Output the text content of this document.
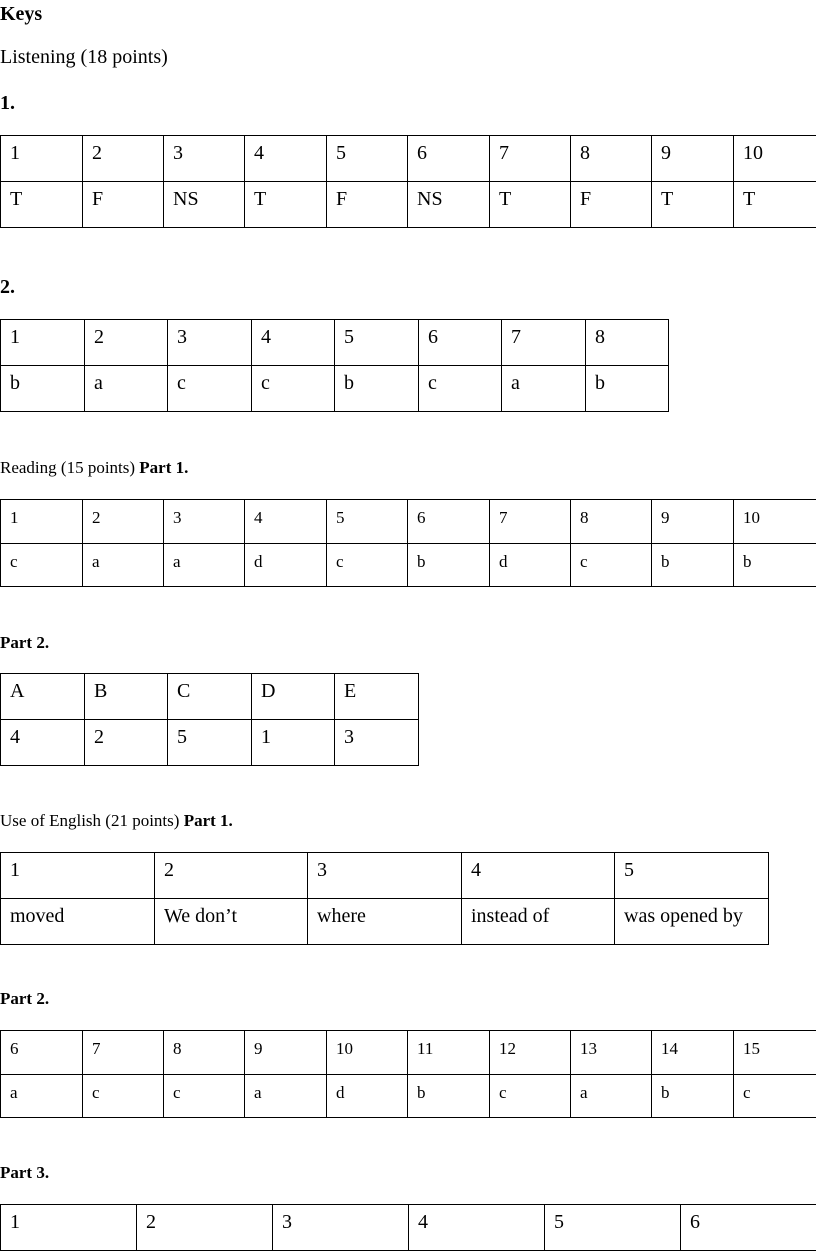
Keys

Listening (18 points)

1.

1	2	3	4	5	6	7	8	9	10
T	F	NS	T	F	NS	T	F	T	T

2.

1	2	3	4	5	6	7	8
b	a	c	c	b	c	a	b

Reading (15 points) Part 1.

1	2	3	4	5	6	7	8	9	10
c	a	a	d	c	b	d	c	b	b

Part 2.

A	B	C	D	E
4	2	5	1	3

Use of English (21 points) Part 1.

1	2	3	4	5
moved	We don’t	where	instead of	was opened by

Part 2.

6	7	8	9	10	11	12	13	14	15
a	c	c	a	d	b	c	a	b	c

Part 3.

1	2	3	4	5	6
